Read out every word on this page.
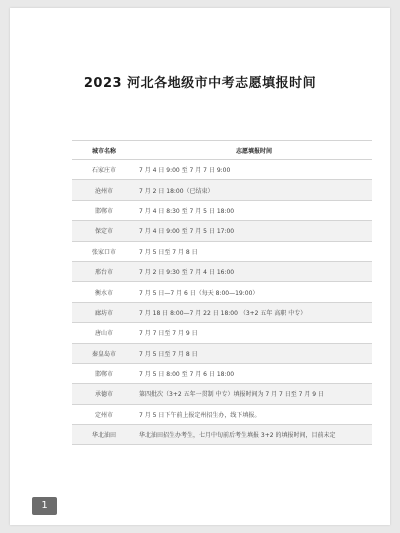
2023 河北各地级市中考志愿填报时间
城市名称	志愿填报时间
石家庄市	7 月 4 日 9:00 至 7 月 7 日 9:00
沧州市	7 月 2 日 18:00（已结束）
邯郸市	7 月 4 日 8:30 至 7 月 5 日 18:00
保定市	7 月 4 日 9:00 至 7 月 5 日 17:00
张家口市	7 月 5 日至 7 月 8 日
邢台市	7 月 2 日 9:30 至 7 月 4 日 16:00
衡水市	7 月 5 日—7 月 6 日（每天 8:00—19:00）
廊坊市	7 月 18 日 8:00—7 月 22 日 18:00 （3+2 五年 高职 中专）
唐山市	7 月 7 日至 7 月 9 日
秦皇岛市	7 月 5 日至 7 月 8 日
邯郸市	7 月 5 日 8:00 至 7 月 6 日 18:00
承德市	第四批次（3+2 五年一贯制 中专）填报时间为 7 月 7 日至 7 月 9 日
定州市	7 月 5 日下午前上报定州招生办，线下填报。
华北油田	华北油田招生办考生，七月中旬前后考生填报 3+2 的填报时间，目前未定
1
